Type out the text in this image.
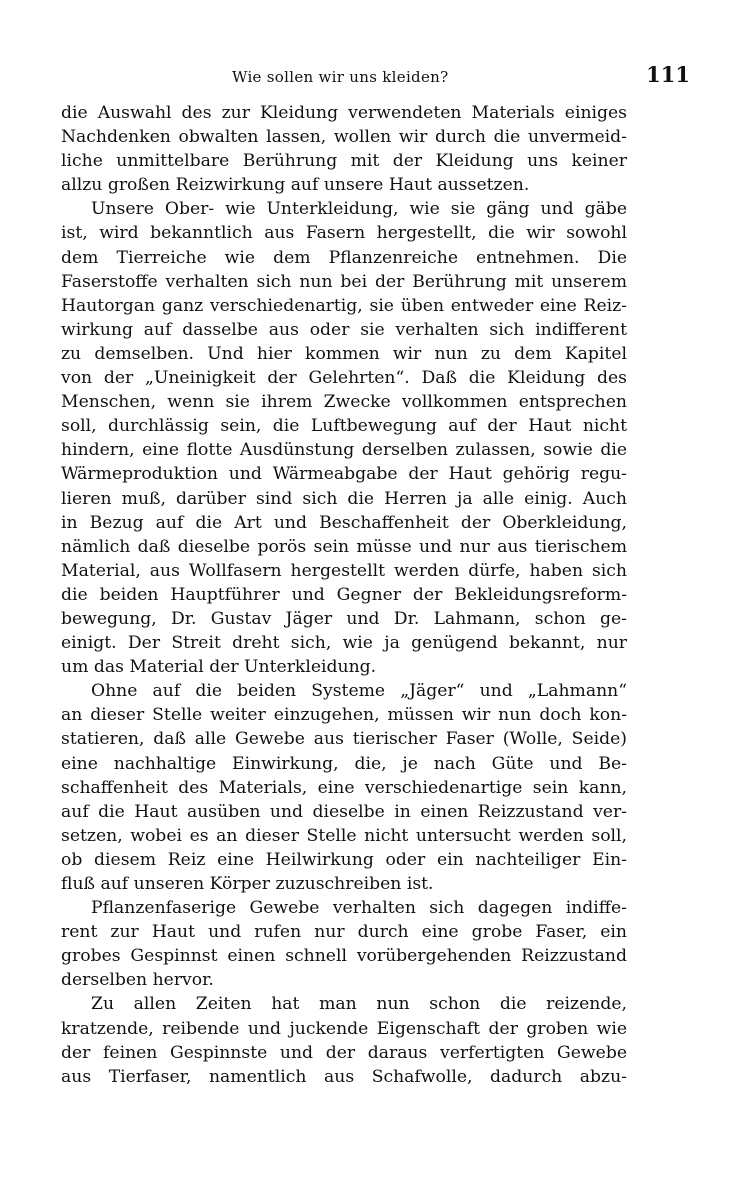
Wie sollen wir uns kleiden?	111
die Auswahl des zur Kleidung verwendeten Materials einiges
Nachdenken obwalten lassen, wollen wir durch die unvermeid-
liche unmittelbare Berührung mit der Kleidung uns keiner
allzu großen Reizwirkung auf unsere Haut aussetzen.
Unsere Ober- wie Unterkleidung, wie sie gäng und gäbe
ist, wird bekanntlich aus Fasern hergestellt, die wir sowohl
dem Tierreiche wie dem Pflanzenreiche entnehmen. Die
Faserstoffe verhalten sich nun bei der Berührung mit unserem
Hautorgan ganz verschiedenartig, sie üben entweder eine Reiz-
wirkung auf dasselbe aus oder sie verhalten sich indifferent
zu demselben. Und hier kommen wir nun zu dem Kapitel
von der „Uneinigkeit der Gelehrten“. Daß die Kleidung des
Menschen, wenn sie ihrem Zwecke vollkommen entsprechen
soll, durchlässig sein, die Luftbewegung auf der Haut nicht
hindern, eine flotte Ausdünstung derselben zulassen, sowie die
Wärmeproduktion und Wärmeabgabe der Haut gehörig regu-
lieren muß, darüber sind sich die Herren ja alle einig. Auch
in Bezug auf die Art und Beschaffenheit der Oberkleidung,
nämlich daß dieselbe porös sein müsse und nur aus tierischem
Material, aus Wollfasern hergestellt werden dürfe, haben sich
die beiden Hauptführer und Gegner der Bekleidungsreform-
bewegung, Dr. Gustav Jäger und Dr. Lahmann, schon ge-
einigt. Der Streit dreht sich, wie ja genügend bekannt, nur
um das Material der Unterkleidung.
Ohne auf die beiden Systeme „Jäger“ und „Lahmann“
an dieser Stelle weiter einzugehen, müssen wir nun doch kon-
statieren, daß alle Gewebe aus tierischer Faser (Wolle, Seide)
eine nachhaltige Einwirkung, die, je nach Güte und Be-
schaffenheit des Materials, eine verschiedenartige sein kann,
auf die Haut ausüben und dieselbe in einen Reizzustand ver-
setzen, wobei es an dieser Stelle nicht untersucht werden soll,
ob diesem Reiz eine Heilwirkung oder ein nachteiliger Ein-
fluß auf unseren Körper zuzuschreiben ist.
Pflanzenfaserige Gewebe verhalten sich dagegen indiffe-
rent zur Haut und rufen nur durch eine grobe Faser, ein
grobes Gespinnst einen schnell vorübergehenden Reizzustand
derselben hervor.
Zu allen Zeiten hat man nun schon die reizende,
kratzende, reibende und juckende Eigenschaft der groben wie
der feinen Gespinnste und der daraus verfertigten Gewebe
aus Tierfaser, namentlich aus Schafwolle, dadurch abzu-
